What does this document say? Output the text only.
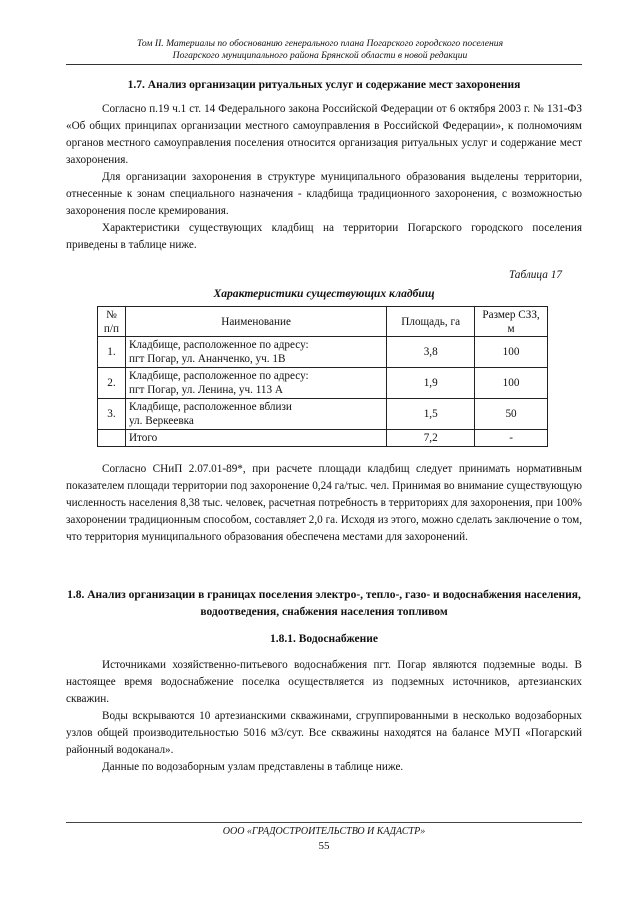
Том II. Материалы по обоснованию генерального плана Погарского городского поселения
Погарского муниципального района Брянской области в новой редакции
1.7. Анализ организации ритуальных услуг и содержание мест захоронения

Согласно п.19 ч.1 ст. 14 Федерального закона Российской Федерации от 6 октября 2003 г. № 131-ФЗ «Об общих принципах организации местного самоуправления в Российской Федерации», к полномочиям органов местного самоуправления поселения относится организация ритуальных услуг и содержание мест захоронения.

Для организации захоронения в структуре муниципального образования выделены территории, отнесенные к зонам специального назначения - кладбища традиционного захоронения, с возможностью захоронения после кремирования.

Характеристики существующих кладбищ на территории Погарского городского поселения приведены в таблице ниже.

Таблица 17
Характеристики существующих кладбищ
№ п/п	Наименование	Площадь, га	Размер СЗЗ, м
1.	Кладбище, расположенное по адресу:
пгт Погар, ул. Ананченко, уч. 1В	3,8	100
2.	Кладбище, расположенное по адресу:
пгт Погар, ул. Ленина, уч. 113 А	1,9	100
3.	Кладбище, расположенное вблизи
ул. Веркеевка	1,5	50
	Итого	7,2	-

Согласно СНиП 2.07.01-89*, при расчете площади кладбищ следует принимать нормативным показателем площади территории под захоронение 0,24 га/тыс. чел. Принимая во внимание существующую численность населения 8,38 тыс. человек, расчетная потребность в территориях для захоронения, при 100% захоронении традиционным способом, составляет 2,0 га. Исходя из этого, можно сделать заключение о том, что территория муниципального образования обеспечена местами для захоронений.

1.8. Анализ организации в границах поселения электро-, тепло-, газо- и водоснабжения населения, водоотведения, снабжения населения топливом
1.8.1. Водоснабжение

Источниками хозяйственно-питьевого водоснабжения пгт. Погар являются подземные воды. В настоящее время водоснабжение поселка осуществляется из подземных источников, артезианских скважин.

Воды вскрываются 10 артезианскими скважинами, сгруппированными в несколько водозаборных узлов общей производительностью 5016 м3/сут. Все скважины находятся на балансе МУП «Погарский районный водоканал».

Данные по водозаборным узлам представлены в таблице ниже.

ООО «ГРАДОСТРОИТЕЛЬСТВО И КАДАСТР»
55
